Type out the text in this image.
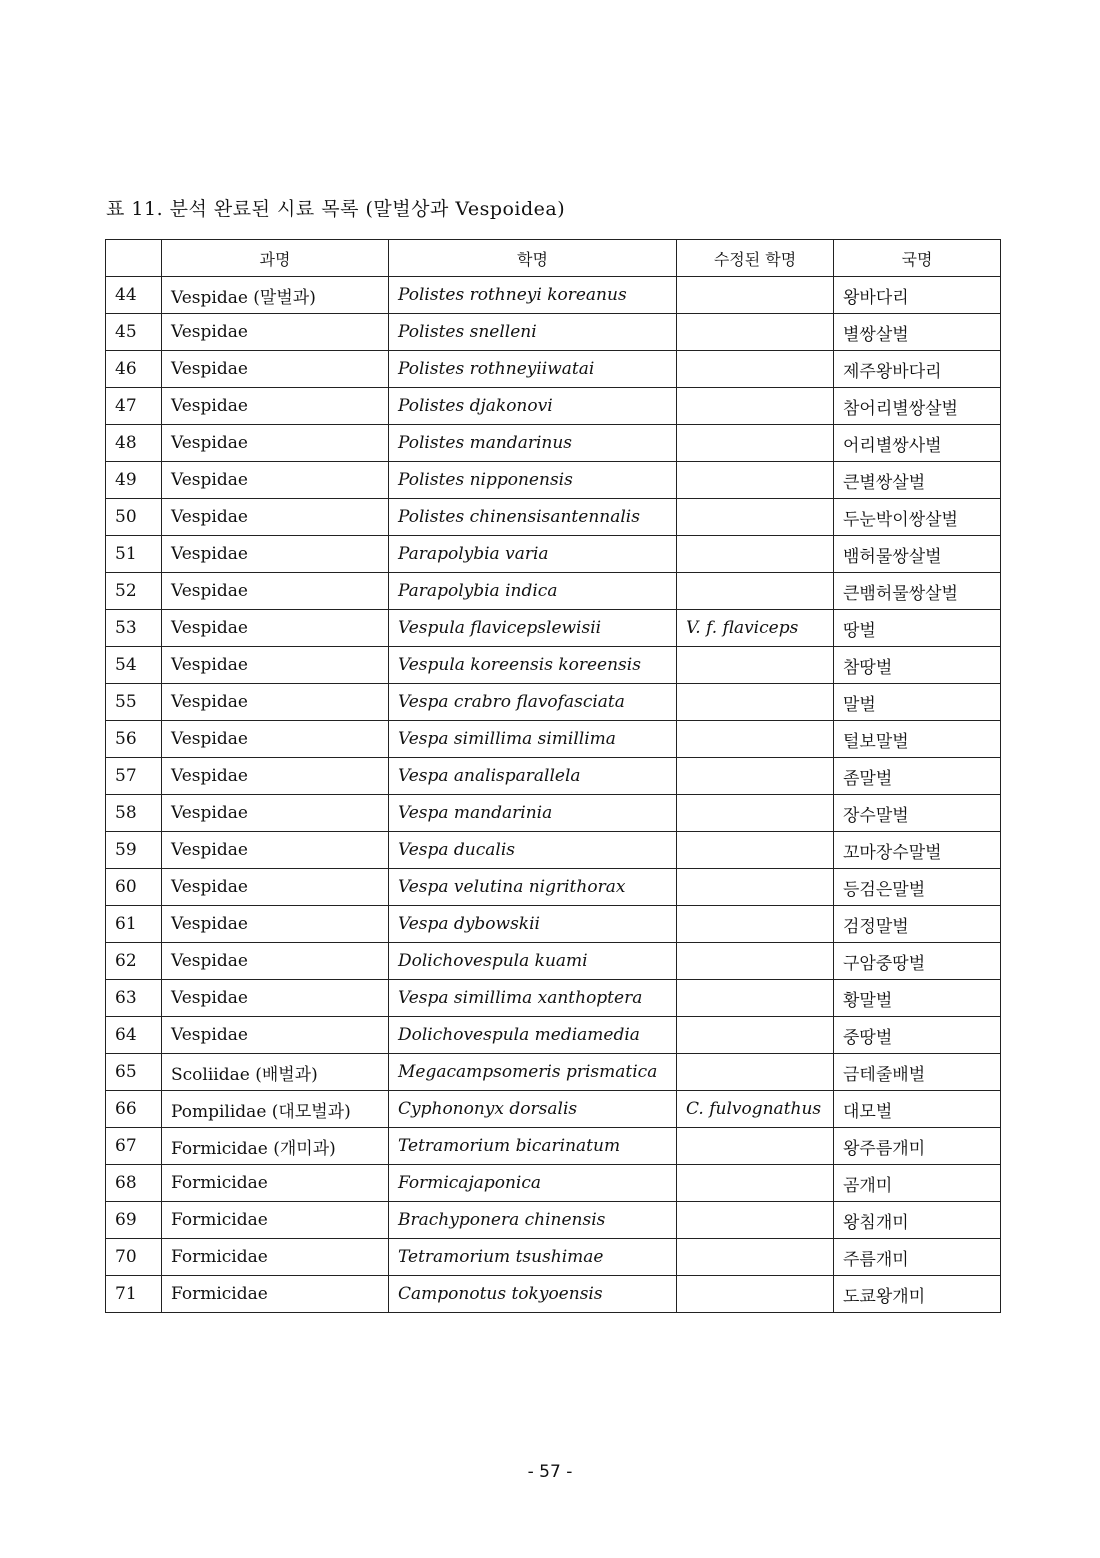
표 11. 분석 완료된 시료 목록 (말벌상과 Vespoidea)
	과명	학명	수정된 학명	국명
44	Vespidae (말벌과)	Polistes rothneyi koreanus		왕바다리
45	Vespidae	Polistes snelleni		별쌍살벌
46	Vespidae	Polistes rothneyiiwatai		제주왕바다리
47	Vespidae	Polistes djakonovi		참어리별쌍살벌
48	Vespidae	Polistes mandarinus		어리별쌍사벌
49	Vespidae	Polistes nipponensis		큰별쌍살벌
50	Vespidae	Polistes chinensisantennalis		두눈박이쌍살벌
51	Vespidae	Parapolybia varia		뱀허물쌍살벌
52	Vespidae	Parapolybia indica		큰뱀허물쌍살벌
53	Vespidae	Vespula flavicepslewisii	V. f. flaviceps	땅벌
54	Vespidae	Vespula koreensis koreensis		참땅벌
55	Vespidae	Vespa crabro flavofasciata		말벌
56	Vespidae	Vespa simillima simillima		털보말벌
57	Vespidae	Vespa analisparallela		좀말벌
58	Vespidae	Vespa mandarinia		장수말벌
59	Vespidae	Vespa ducalis		꼬마장수말벌
60	Vespidae	Vespa velutina nigrithorax		등검은말벌
61	Vespidae	Vespa dybowskii		검정말벌
62	Vespidae	Dolichovespula kuami		구암중땅벌
63	Vespidae	Vespa simillima xanthoptera		황말벌
64	Vespidae	Dolichovespula mediamedia		중땅벌
65	Scoliidae (배벌과)	Megacampsomeris prismatica		금테줄배벌
66	Pompilidae (대모벌과)	Cyphononyx dorsalis	C. fulvognathus	대모벌
67	Formicidae (개미과)	Tetramorium bicarinatum		왕주름개미
68	Formicidae	Formicajaponica		곰개미
69	Formicidae	Brachyponera chinensis		왕침개미
70	Formicidae	Tetramorium tsushimae		주름개미
71	Formicidae	Camponotus tokyoensis		도쿄왕개미
- 57 -
